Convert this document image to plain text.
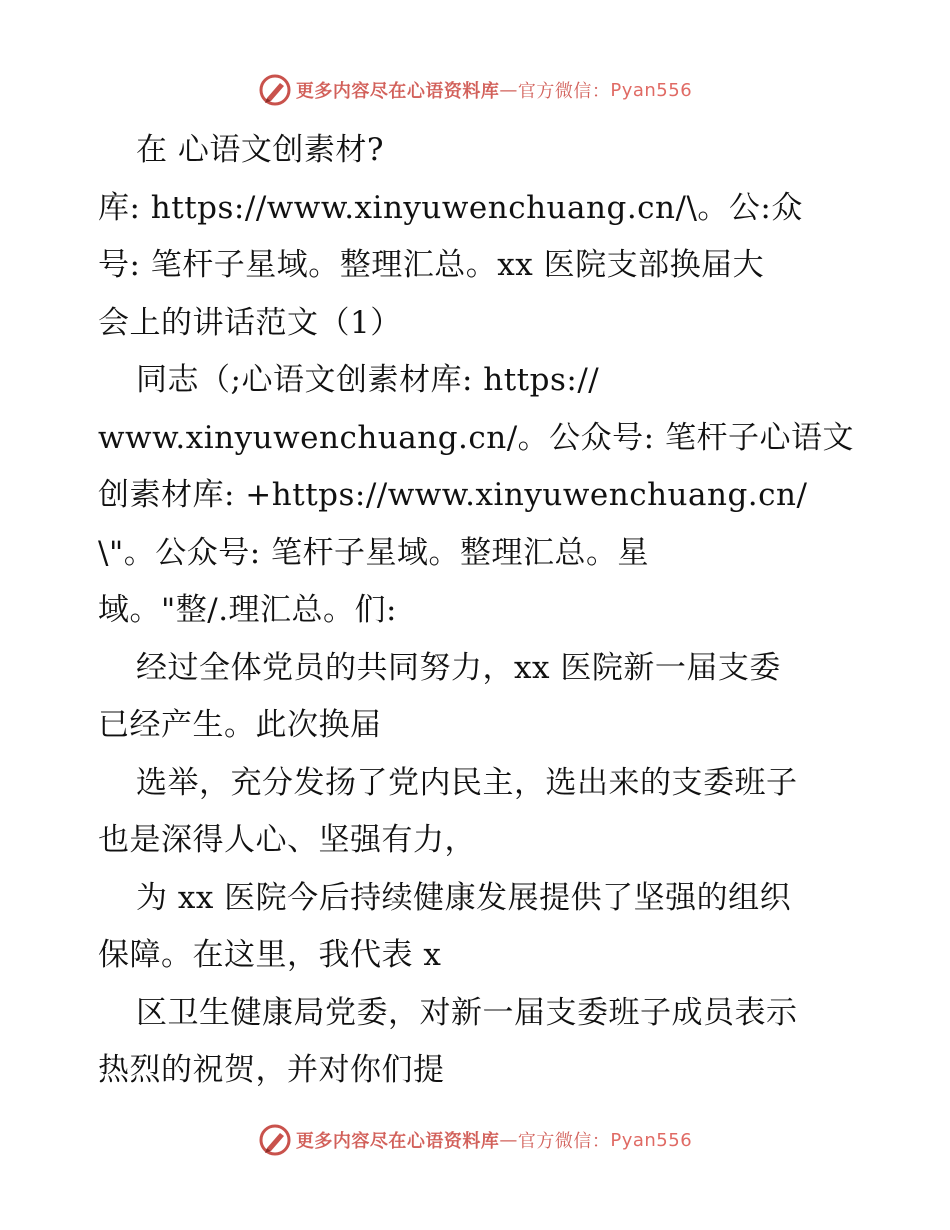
更多内容尽在心语资料库 — 官方微信： Pyan556
在 心语文创素材?
库: https://www.xinyuwenchuang.cn/\。公:众
号: 笔杆子星域。整理汇总。xx 医院支部换届大
会上的讲话范文（1）
同志（;心语文创素材库: https://
www.xinyuwenchuang.cn/。公众号: 笔杆子心语文
创素材库: +https://www.xinyuwenchuang.cn/
\"。公众号: 笔杆子星域。整理汇总。星
域。"整/.理汇总。们:
经过全体党员的共同努力，xx 医院新一届支委
已经产生。此次换届
选举，充分发扬了党内民主，选出来的支委班子
也是深得人心、坚强有力，
为 xx 医院今后持续健康发展提供了坚强的组织
保障。在这里，我代表 x
区卫生健康局党委，对新一届支委班子成员表示
热烈的祝贺，并对你们提
更多内容尽在心语资料库 — 官方微信： Pyan556
